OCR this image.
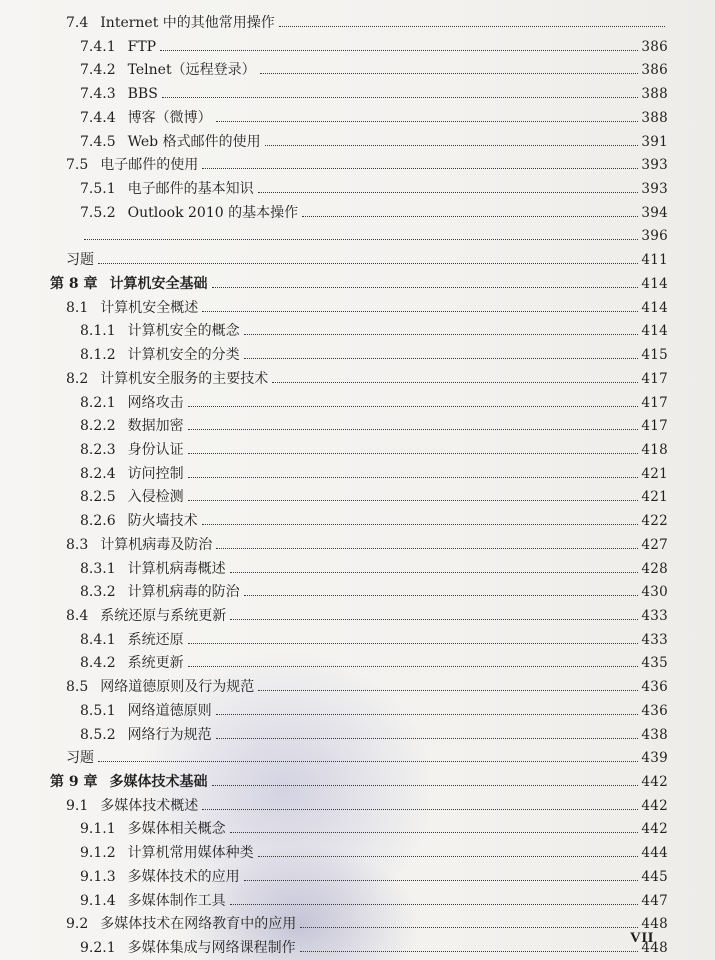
7.4 Internet 中的其他常用操作
7.4.1 FTP	386
7.4.2 Telnet（远程登录）	386
7.4.3 BBS	388
7.4.4 博客（微博）	388
7.4.5 Web 格式邮件的使用	391
7.5 电子邮件的使用	393
7.5.1 电子邮件的基本知识	393
7.5.2 Outlook 2010 的基本操作	394
396
习题	411
第 8 章 计算机安全基础	414
8.1 计算机安全概述	414
8.1.1 计算机安全的概念	414
8.1.2 计算机安全的分类	415
8.2 计算机安全服务的主要技术	417
8.2.1 网络攻击	417
8.2.2 数据加密	417
8.2.3 身份认证	418
8.2.4 访问控制	421
8.2.5 入侵检测	421
8.2.6 防火墙技术	422
8.3 计算机病毒及防治	427
8.3.1 计算机病毒概述	428
8.3.2 计算机病毒的防治	430
8.4 系统还原与系统更新	433
8.4.1 系统还原	433
8.4.2 系统更新	435
8.5 网络道德原则及行为规范	436
8.5.1 网络道德原则	436
8.5.2 网络行为规范	438
习题	439
第 9 章 多媒体技术基础	442
9.1 多媒体技术概述	442
9.1.1 多媒体相关概念	442
9.1.2 计算机常用媒体种类	444
9.1.3 多媒体技术的应用	445
9.1.4 多媒体制作工具	447
9.2 多媒体技术在网络教育中的应用	448
9.2.1 多媒体集成与网络课程制作	448
VII
